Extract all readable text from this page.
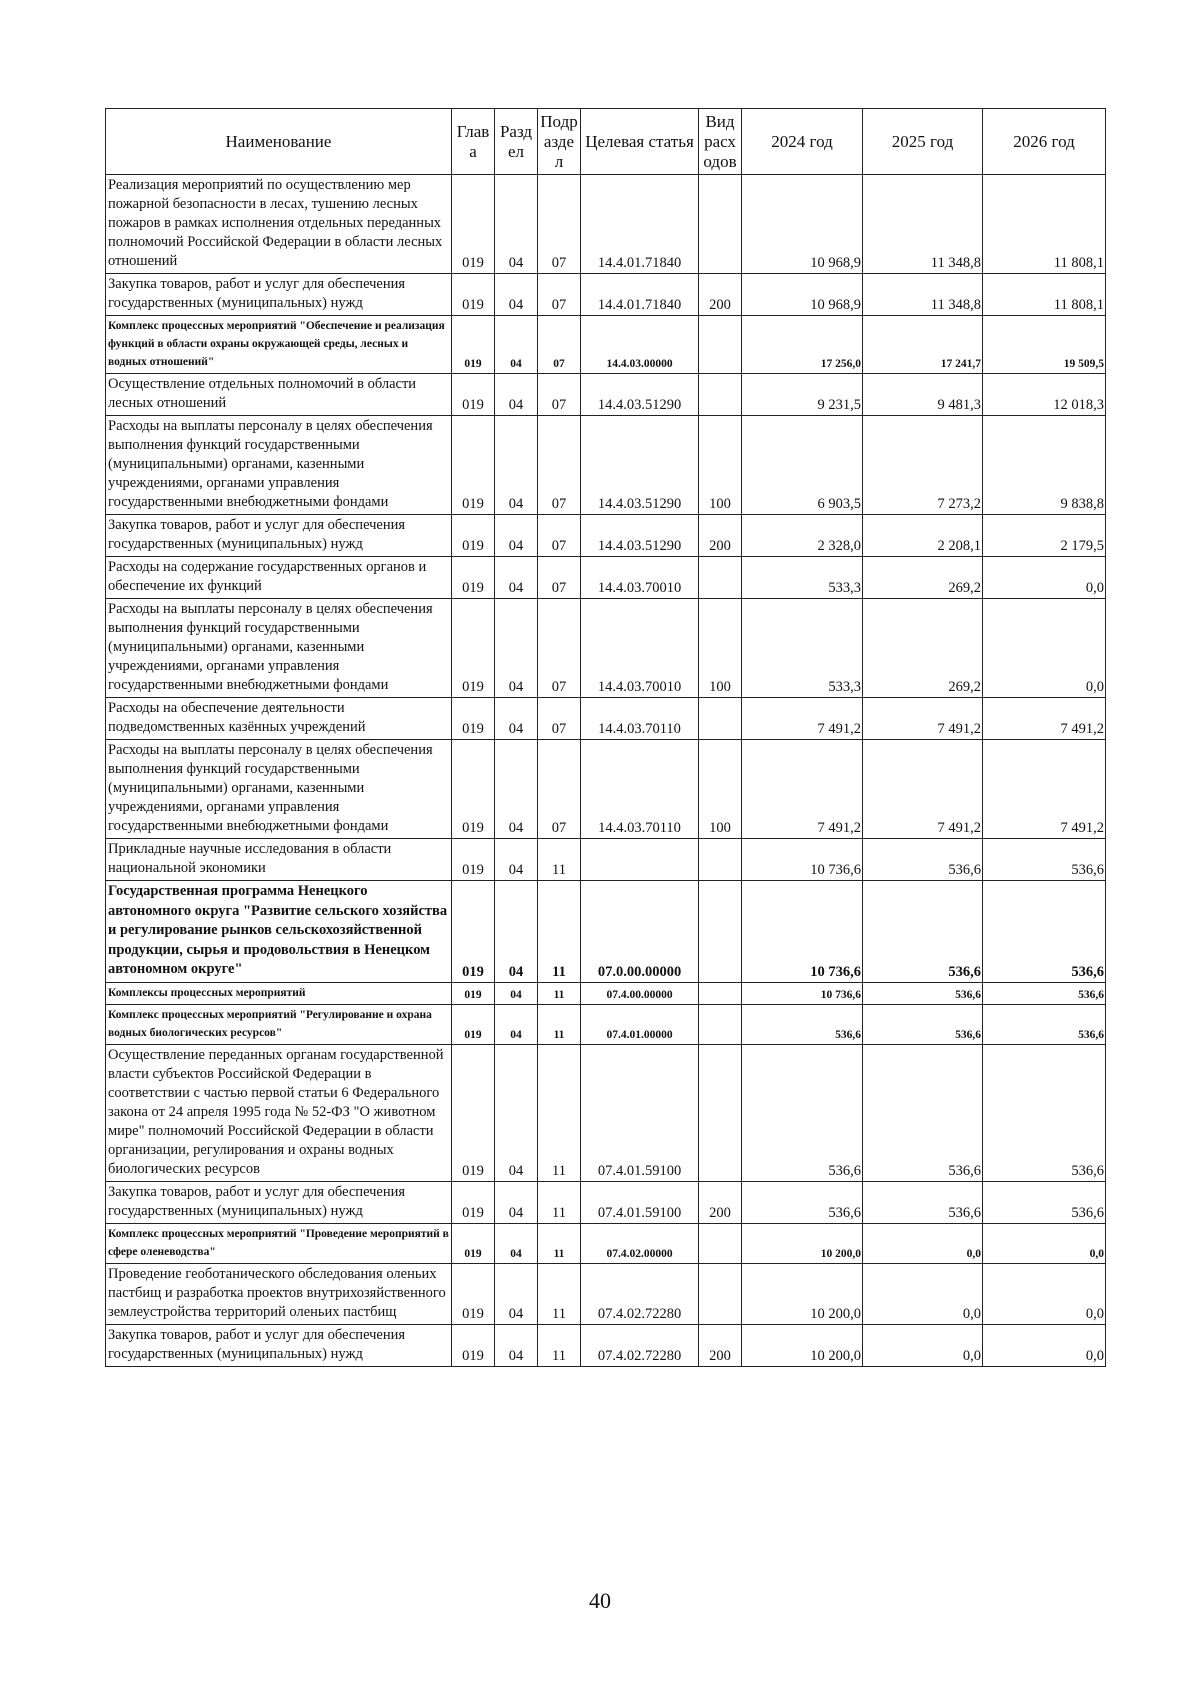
Наименование	Глав а	Разд ел	Подр азде л	Целевая статья	Вид расх одов	2024 год	2025 год	2026 год
Реализация мероприятий по осуществлению мер пожарной безопасности в лесах, тушению лесных пожаров в рамках исполнения отдельных переданных полномочий Российской Федерации в области лесных отношений	019	04	07	14.4.01.71840		10 968,9	11 348,8	11 808,1
Закупка товаров, работ и услуг для обеспечения государственных (муниципальных) нужд	019	04	07	14.4.01.71840	200	10 968,9	11 348,8	11 808,1
Комплекс процессных мероприятий "Обеспечение и реализация функций в области охраны окружающей среды, лесных и водных отношений"	019	04	07	14.4.03.00000		17 256,0	17 241,7	19 509,5
Осуществление отдельных полномочий в области лесных отношений	019	04	07	14.4.03.51290		9 231,5	9 481,3	12 018,3
Расходы на выплаты персоналу в целях обеспечения выполнения функций государственными (муниципальными) органами, казенными учреждениями, органами управления государственными внебюджетными фондами	019	04	07	14.4.03.51290	100	6 903,5	7 273,2	9 838,8
Закупка товаров, работ и услуг для обеспечения государственных (муниципальных) нужд	019	04	07	14.4.03.51290	200	2 328,0	2 208,1	2 179,5
Расходы на содержание государственных органов и обеспечение их функций	019	04	07	14.4.03.70010		533,3	269,2	0,0
Расходы на выплаты персоналу в целях обеспечения выполнения функций государственными (муниципальными) органами, казенными учреждениями, органами управления государственными внебюджетными фондами	019	04	07	14.4.03.70010	100	533,3	269,2	0,0
Расходы на обеспечение деятельности подведомственных казённых учреждений	019	04	07	14.4.03.70110		7 491,2	7 491,2	7 491,2
Расходы на выплаты персоналу в целях обеспечения выполнения функций государственными (муниципальными) органами, казенными учреждениями, органами управления государственными внебюджетными фондами	019	04	07	14.4.03.70110	100	7 491,2	7 491,2	7 491,2
Прикладные научные исследования в области национальной экономики	019	04	11			10 736,6	536,6	536,6
Государственная программа Ненецкого автономного округа "Развитие сельского хозяйства и регулирование рынков сельскохозяйственной продукции, сырья и продовольствия в Ненецком автономном округе"	019	04	11	07.0.00.00000		10 736,6	536,6	536,6
Комплексы процессных мероприятий	019	04	11	07.4.00.00000		10 736,6	536,6	536,6
Комплекс процессных мероприятий "Регулирование и охрана водных биологических ресурсов"	019	04	11	07.4.01.00000		536,6	536,6	536,6
Осуществление переданных органам государственной власти субъектов Российской Федерации в соответствии с частью первой статьи 6 Федерального закона от 24 апреля 1995 года № 52-ФЗ "О животном мире" полномочий Российской Федерации в области организации, регулирования и охраны водных биологических ресурсов	019	04	11	07.4.01.59100		536,6	536,6	536,6
Закупка товаров, работ и услуг для обеспечения государственных (муниципальных) нужд	019	04	11	07.4.01.59100	200	536,6	536,6	536,6
Комплекс процессных мероприятий "Проведение мероприятий в сфере оленеводства"	019	04	11	07.4.02.00000		10 200,0	0,0	0,0
Проведение геоботанического обследования оленьих пастбищ и разработка проектов внутрихозяйственного землеустройства территорий оленьих пастбищ	019	04	11	07.4.02.72280		10 200,0	0,0	0,0
Закупка товаров, работ и услуг для обеспечения государственных (муниципальных) нужд	019	04	11	07.4.02.72280	200	10 200,0	0,0	0,0
40
